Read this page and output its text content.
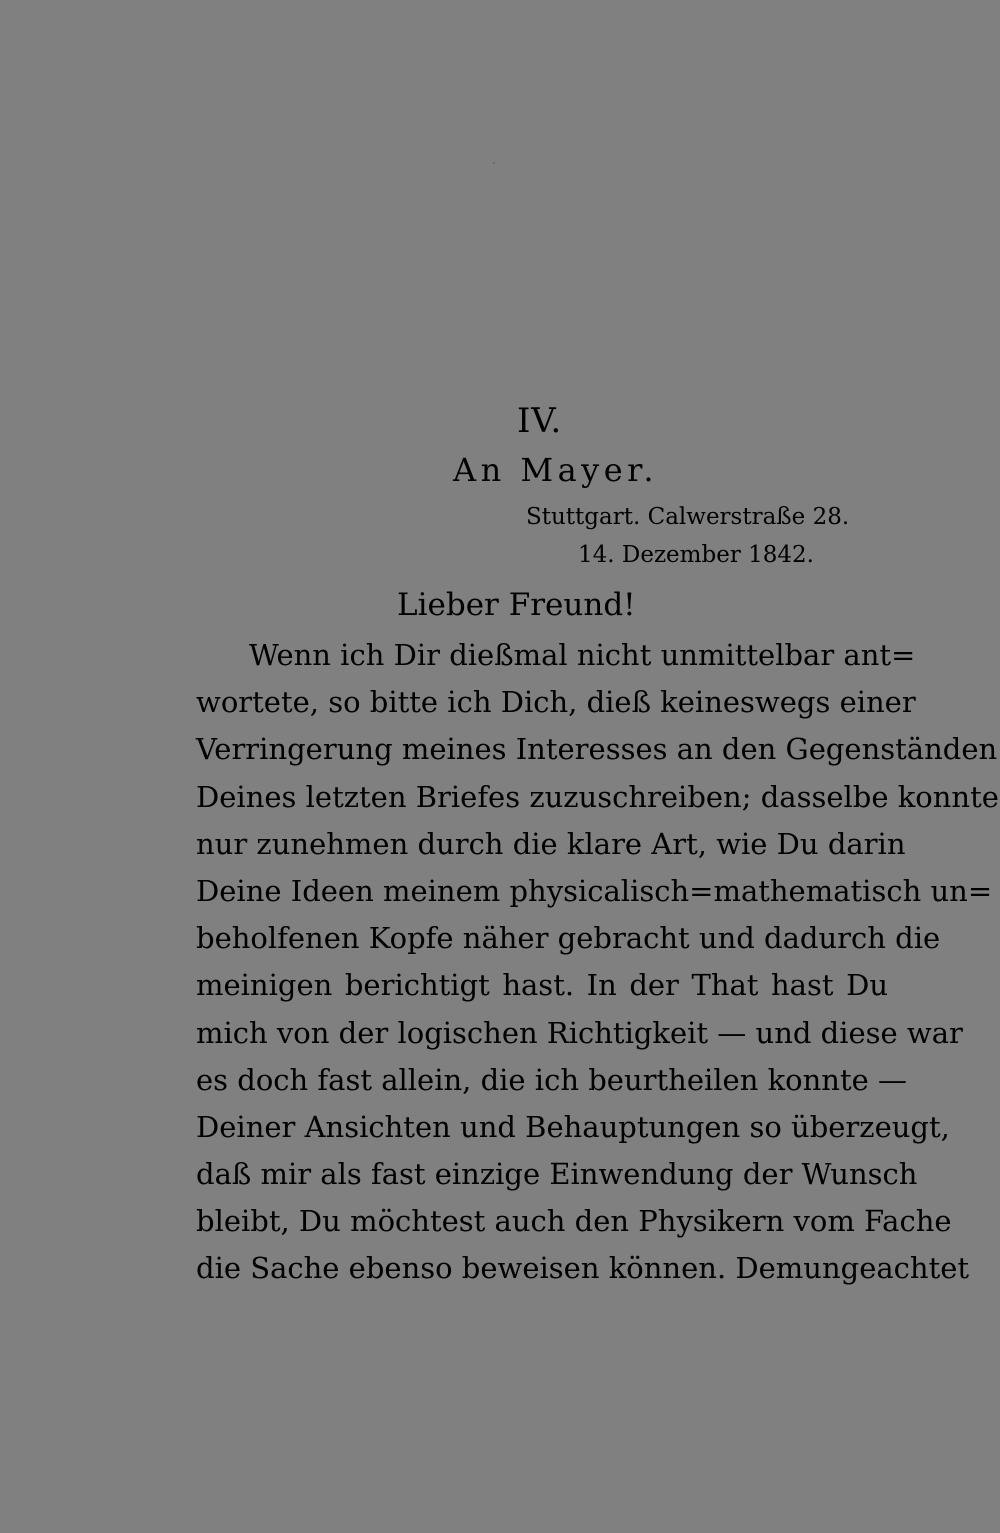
IV.
An Mayer.
Stuttgart. Calwerstraße 28.
14. Dezember 1842.
Lieber Freund!
Wenn ich Dir dießmal nicht unmittelbar ant=
wortete, so bitte ich Dich, dieß keineswegs einer
Verringerung meines Interesses an den Gegenständen
Deines letzten Briefes zuzuschreiben; dasselbe konnte
nur zunehmen durch die klare Art, wie Du darin
Deine Ideen meinem physicalisch=mathematisch un=
beholfenen Kopfe näher gebracht und dadurch die
meinigen berichtigt hast. In der That hast Du
mich von der logischen Richtigkeit — und diese war
es doch fast allein, die ich beurtheilen konnte —
Deiner Ansichten und Behauptungen so überzeugt,
daß mir als fast einzige Einwendung der Wunsch
bleibt, Du möchtest auch den Physikern vom Fache
die Sache ebenso beweisen können. Demungeachtet
